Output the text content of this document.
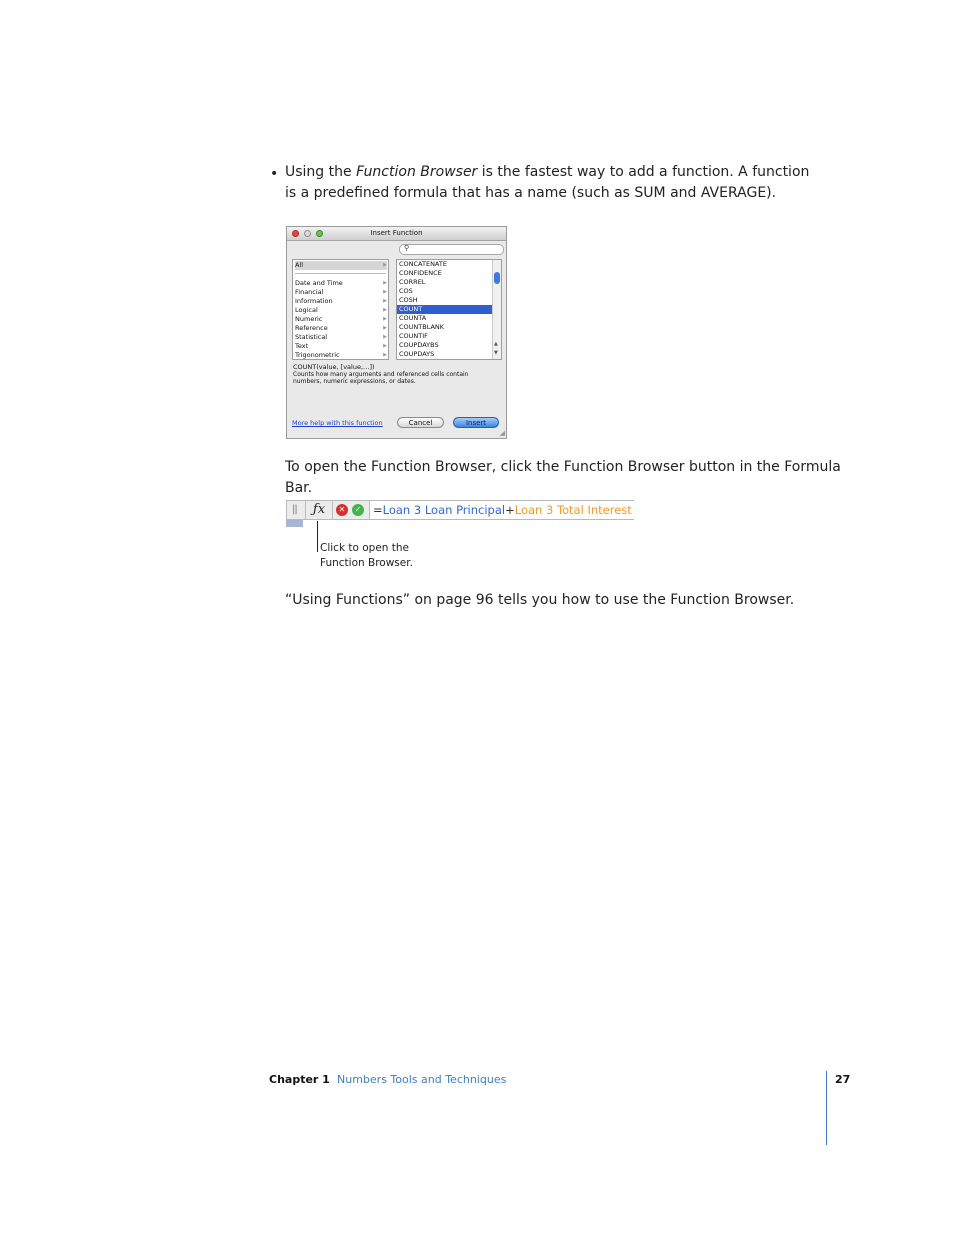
• Using the Function Browser is the fastest way to add a function. A function is a predefined formula that has a name (such as SUM and AVERAGE).
Insert Function
⚲
All	▶
Date and Time	▶
Financial	▶
Information	▶
Logical	▶
Numeric	▶
Reference	▶
Statistical	▶
Text	▶
Trigonometric	▶
CONCATENATE
CONFIDENCE
CORREL
COS
COSH
COUNT
COUNTA
COUNTBLANK
COUNTIF
COUPDAYBS
COUPDAYS
▲
▼
COUNT(value, [value,…])
Counts how many arguments and referenced cells contain numbers, numeric expressions, or dates.
More help with this function	Cancel	Insert
◢
To open the Function Browser, click the Function Browser button in the Formula Bar.
||	ƒx	✕	✓	=Loan 3 Loan Principal+Loan 3 Total Interest
Click to open the
Function Browser.
“Using Functions” on page 96 tells you how to use the Function Browser.
Chapter 1 Numbers Tools and Techniques	27
